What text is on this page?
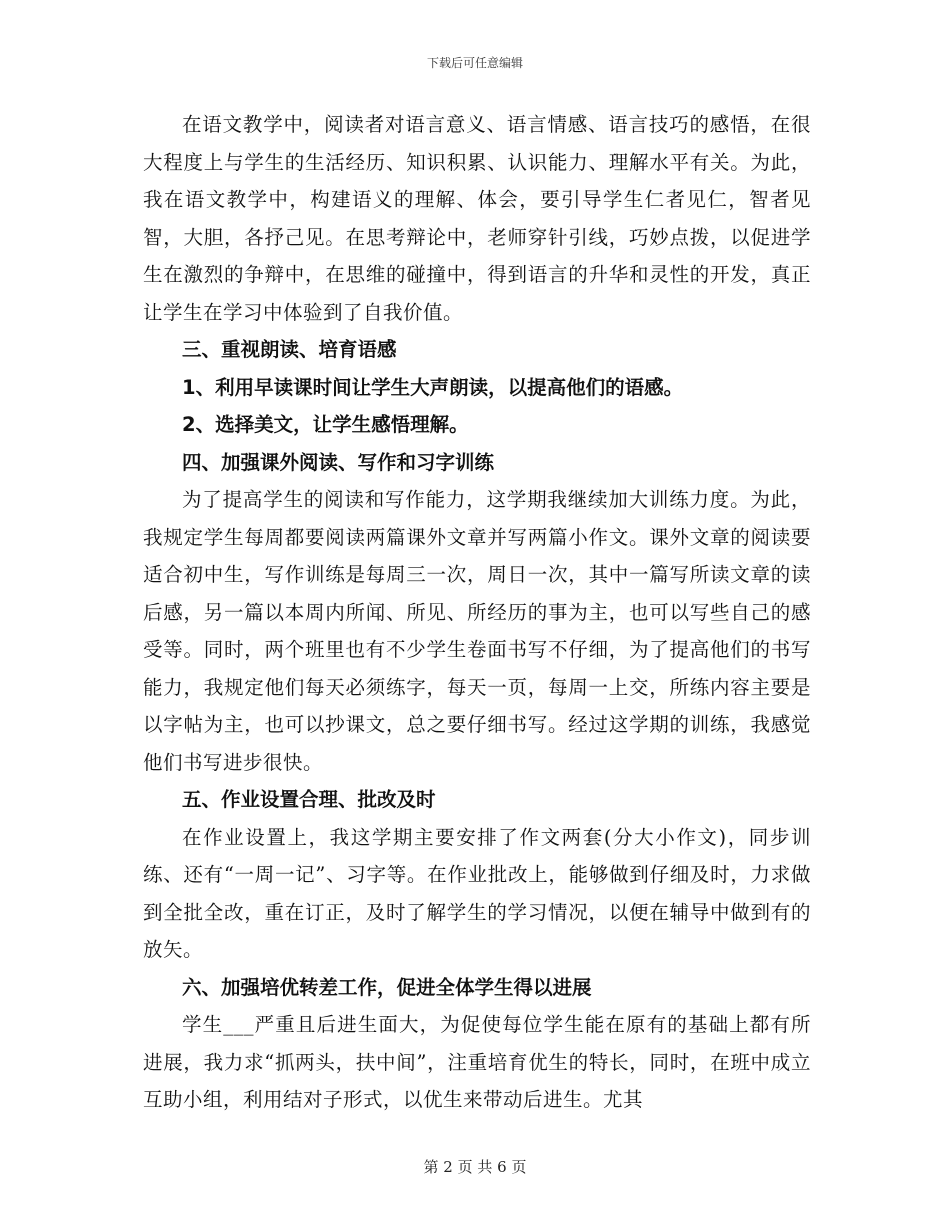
下载后可任意编辑

在语文教学中，阅读者对语言意义、语言情感、语言技巧的感悟，在很大程度上与学生的生活经历、知识积累、认识能力、理解水平有关。为此，我在语文教学中，构建语义的理解、体会，要引导学生仁者见仁，智者见智，大胆，各抒己见。在思考辩论中，老师穿针引线，巧妙点拨，以促进学生在激烈的争辩中，在思维的碰撞中，得到语言的升华和灵性的开发，真正让学生在学习中体验到了自我价值。

三、重视朗读、培育语感

1、利用早读课时间让学生大声朗读，以提高他们的语感。

2、选择美文，让学生感悟理解。

四、加强课外阅读、写作和习字训练

为了提高学生的阅读和写作能力，这学期我继续加大训练力度。为此，我规定学生每周都要阅读两篇课外文章并写两篇小作文。课外文章的阅读要适合初中生，写作训练是每周三一次，周日一次，其中一篇写所读文章的读后感，另一篇以本周内所闻、所见、所经历的事为主，也可以写些自己的感受等。同时，两个班里也有不少学生卷面书写不仔细，为了提高他们的书写能力，我规定他们每天必须练字，每天一页，每周一上交，所练内容主要是以字帖为主，也可以抄课文，总之要仔细书写。经过这学期的训练，我感觉他们书写进步很快。

五、作业设置合理、批改及时

在作业设置上，我这学期主要安排了作文两套(分大小作文)，同步训练、还有“一周一记”、习字等。在作业批改上，能够做到仔细及时，力求做到全批全改，重在订正，及时了解学生的学习情况，以便在辅导中做到有的放矢。

六、加强培优转差工作，促进全体学生得以进展

学生___严重且后进生面大，为促使每位学生能在原有的基础上都有所进展，我力求“抓两头，扶中间”，注重培育优生的特长，同时，在班中成立互助小组，利用结对子形式，以优生来带动后进生。尤其

第 2 页 共 6 页
